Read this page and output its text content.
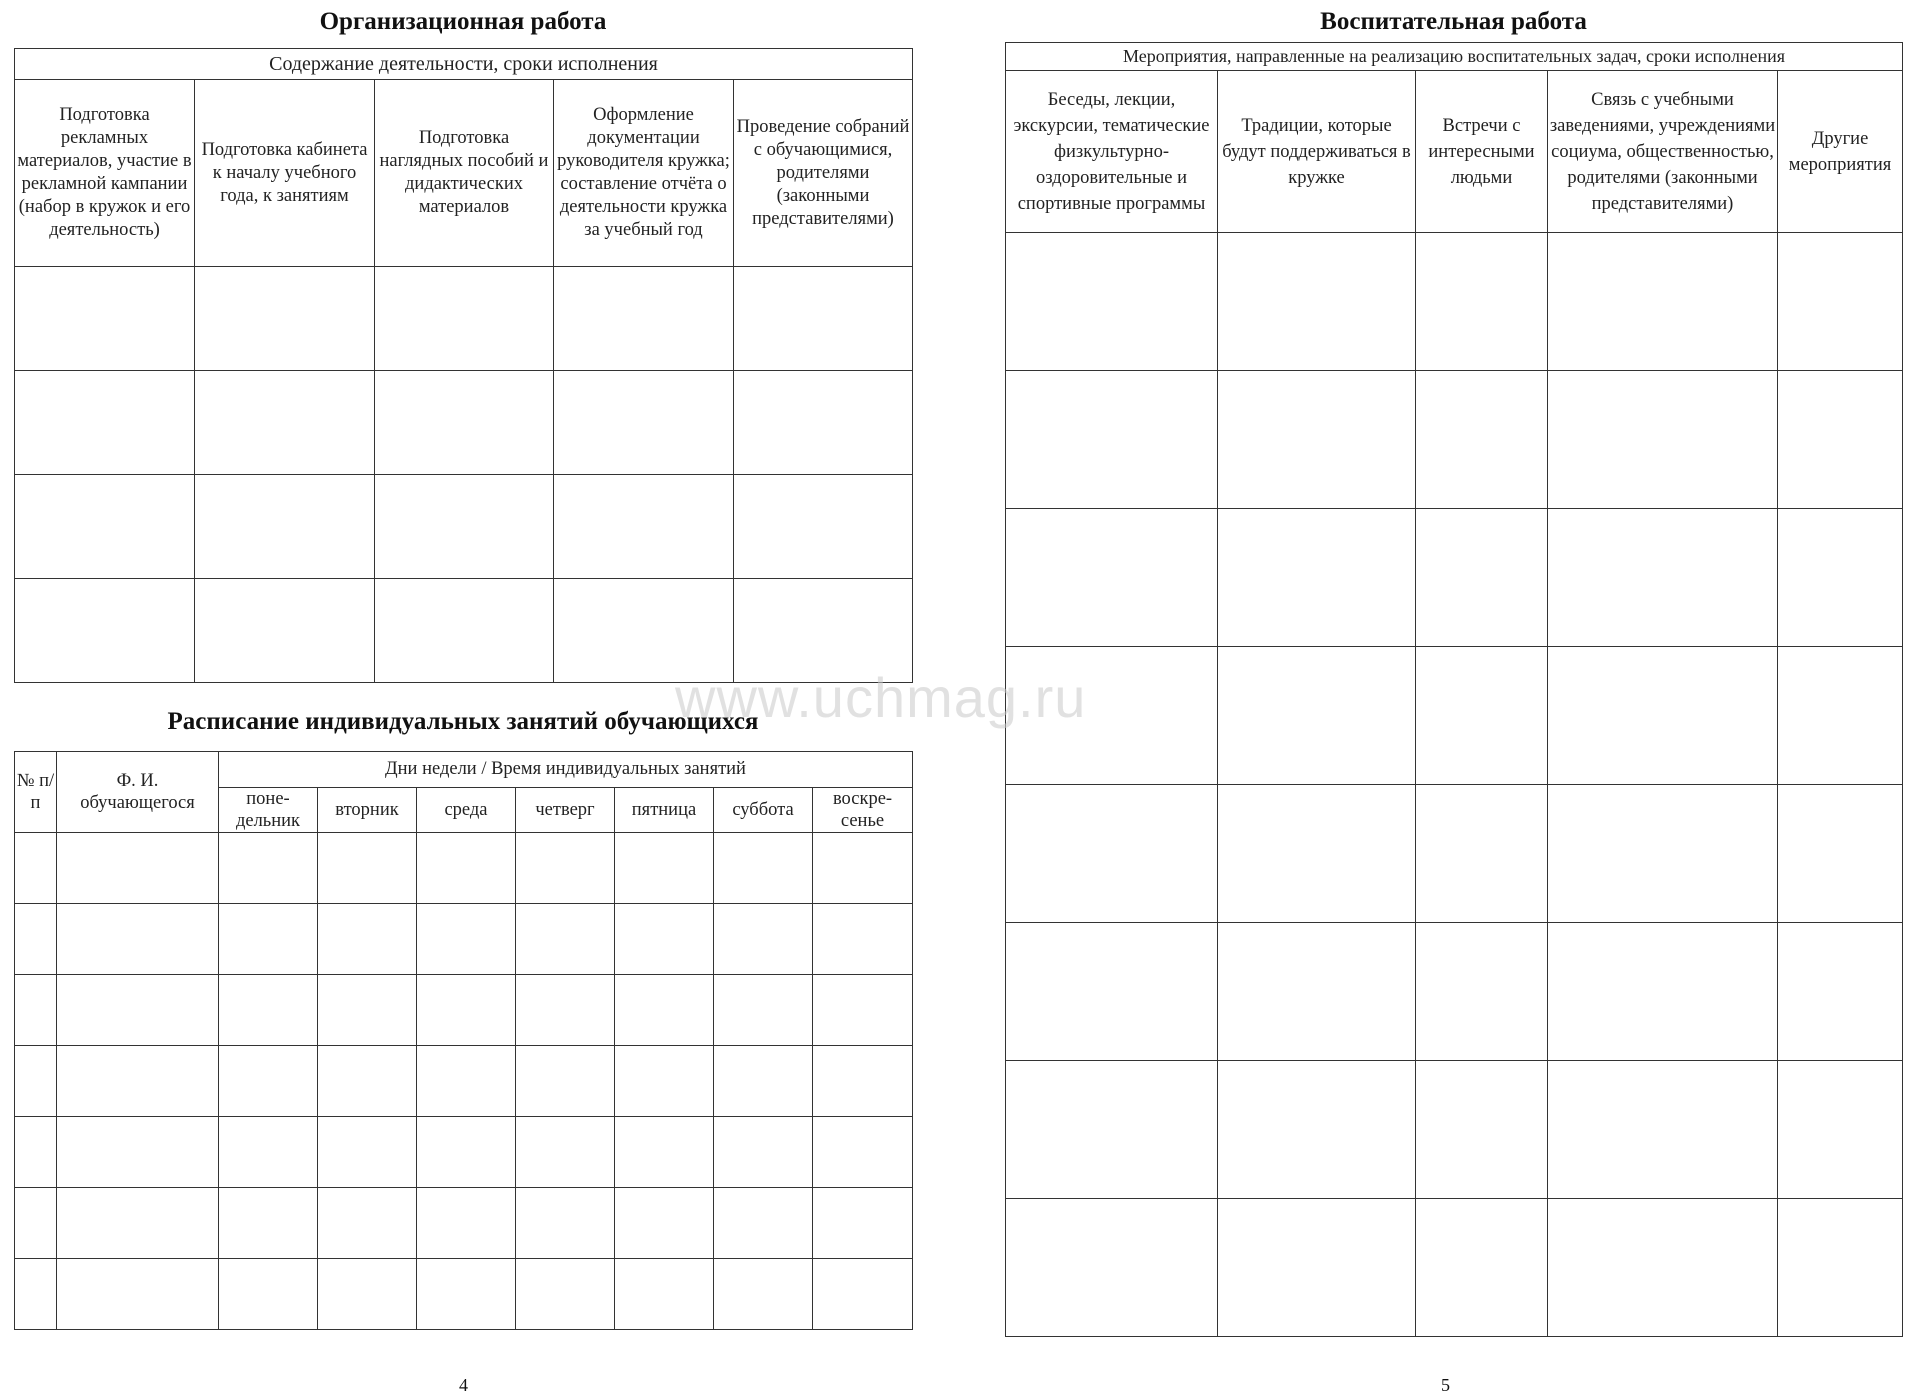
Организационная работа
Содержание деятельности, сроки исполнения				
Подготовка рекламных материалов, участие в рекламной кампании (набор в кружок и его деятельность)	Подготовка кабинета к началу учебного года, к занятиям	Подготовка наглядных пособий и дидактических материалов	Оформление документации руководителя кружка; составление отчёта о деятельности кружка за учебный год	Проведение собраний с обучающимися, родителями (законными представителями)

Расписание индивидуальных занятий обучающихся
№ п/п	Ф. И. обучающегося	Дни недели / Время индивидуальных занятий						
		поне-дельник	вторник	среда	четверг	пятница	суббота	воскре-сенье

4
Воспитательная работа
Мероприятия, направленные на реализацию воспитательных задач, сроки исполнения				
Беседы, лекции, экскурсии, тематические физкультурно-оздоровительные и спортивные программы	Традиции, которые будут поддерживаться в кружке	Встречи с интересными людьми	Связь с учебными заведениями, учреждениями социума, общественностью, родителями (законными представителями)	Другие мероприятия

5
www.uchmag.ru
